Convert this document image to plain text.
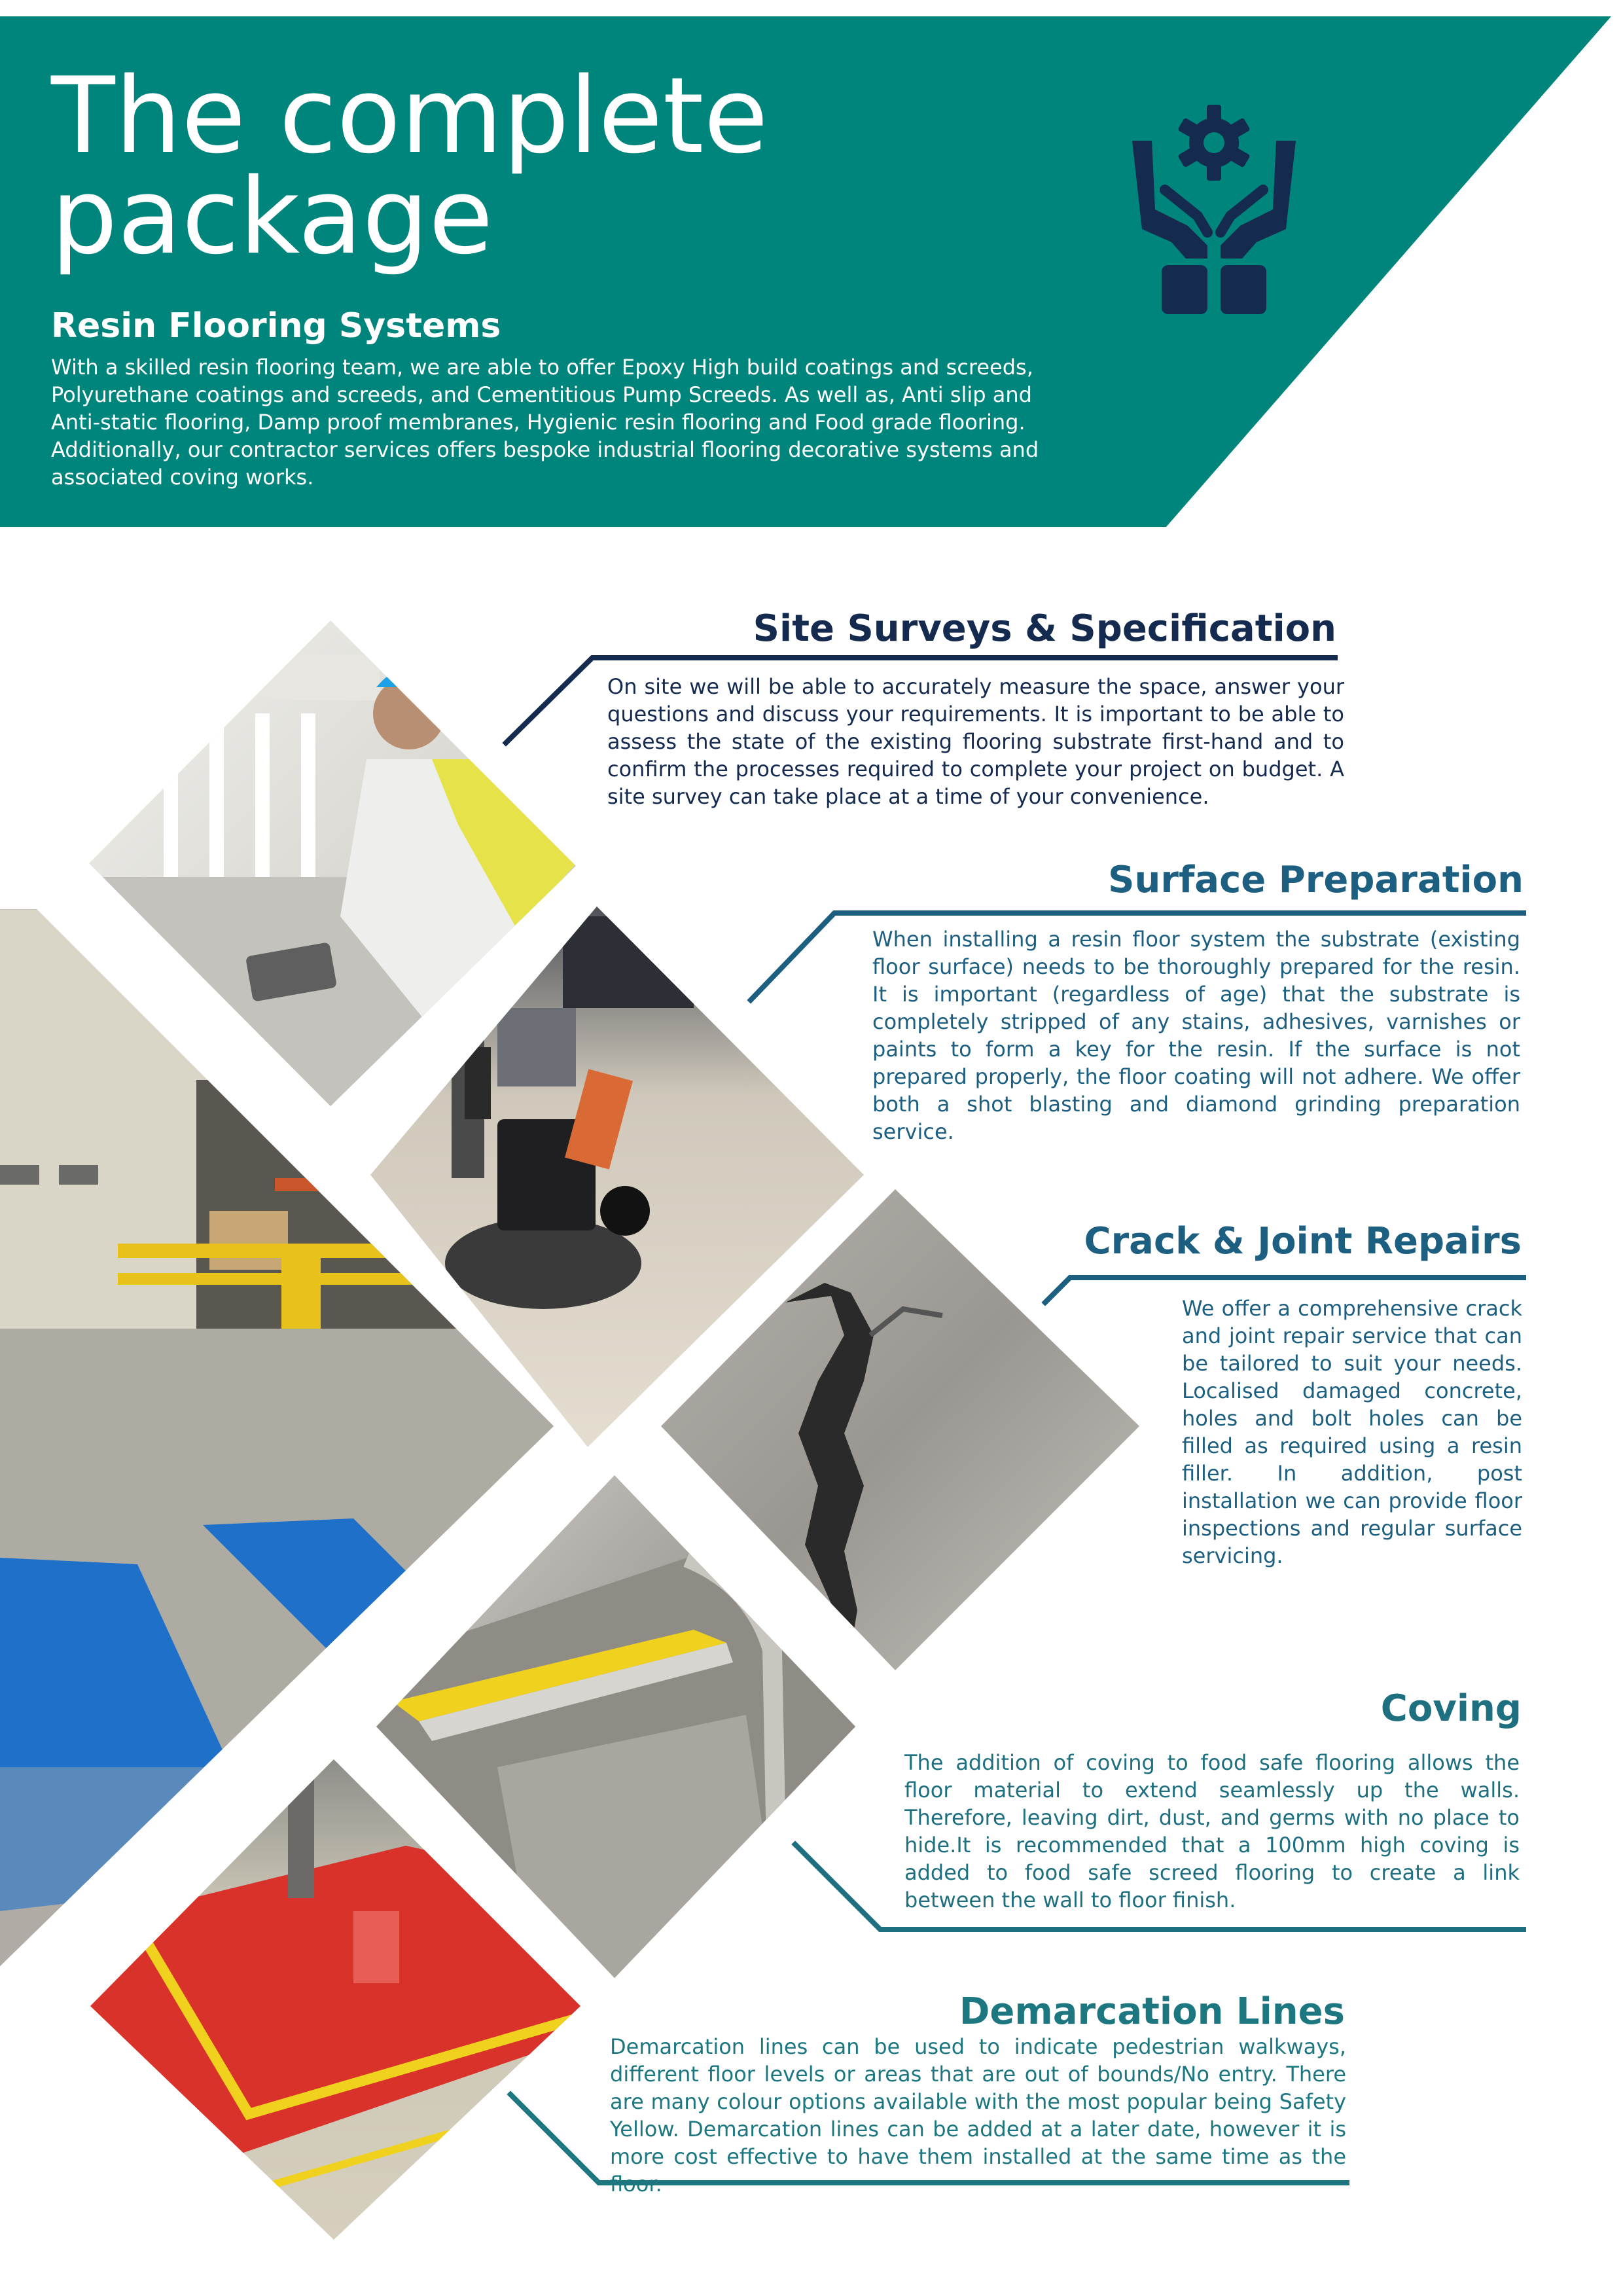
The complete
package
Resin Flooring Systems

With a skilled resin flooring team, we are able to offer Epoxy High build coatings and screeds, Polyurethane coatings and screeds, and Cementitious Pump Screeds. As well as, Anti slip and Anti-static flooring, Damp proof membranes, Hygienic resin flooring and Food grade flooring. Additionally, our contractor services offers bespoke industrial flooring decorative systems and associated coving works.

Site Surveys & Specification

On site we will be able to accurately measure the space, answer your questions and discuss your requirements. It is important to be able to assess the state of the existing flooring substrate first-hand and to confirm the processes required to complete your project on budget. A site survey can take place at a time of your convenience.

Surface Preparation

When installing a resin floor system the substrate (existing floor surface) needs to be thoroughly prepared for the resin. It is important (regardless of age) that the substrate is completely stripped of any stains, adhesives, varnishes or paints to form a key for the resin. If the surface is not prepared properly, the floor coating will not adhere. We offer both a shot blasting and diamond grinding preparation service.

Crack & Joint Repairs

We offer a comprehensive crack and joint repair service that can be tailored to suit your needs. Localised damaged concrete, holes and bolt holes can be filled as required using a resin filler. In addition, post installation we can provide floor inspections and regular surface servicing.

Coving

The addition of coving to food safe flooring allows the floor material to extend seamlessly up the walls. Therefore, leaving dirt, dust, and germs with no place to hide.It is recommended that a 100mm high coving is added to food safe screed flooring to create a link between the wall to floor finish.

Demarcation Lines

Demarcation lines can be used to indicate pedestrian walkways, different floor levels or areas that are out of bounds/No entry. There are many colour options available with the most popular being Safety Yellow. Demarcation lines can be added at a later date, however it is more cost effective to have them installed at the same time as the floor.
